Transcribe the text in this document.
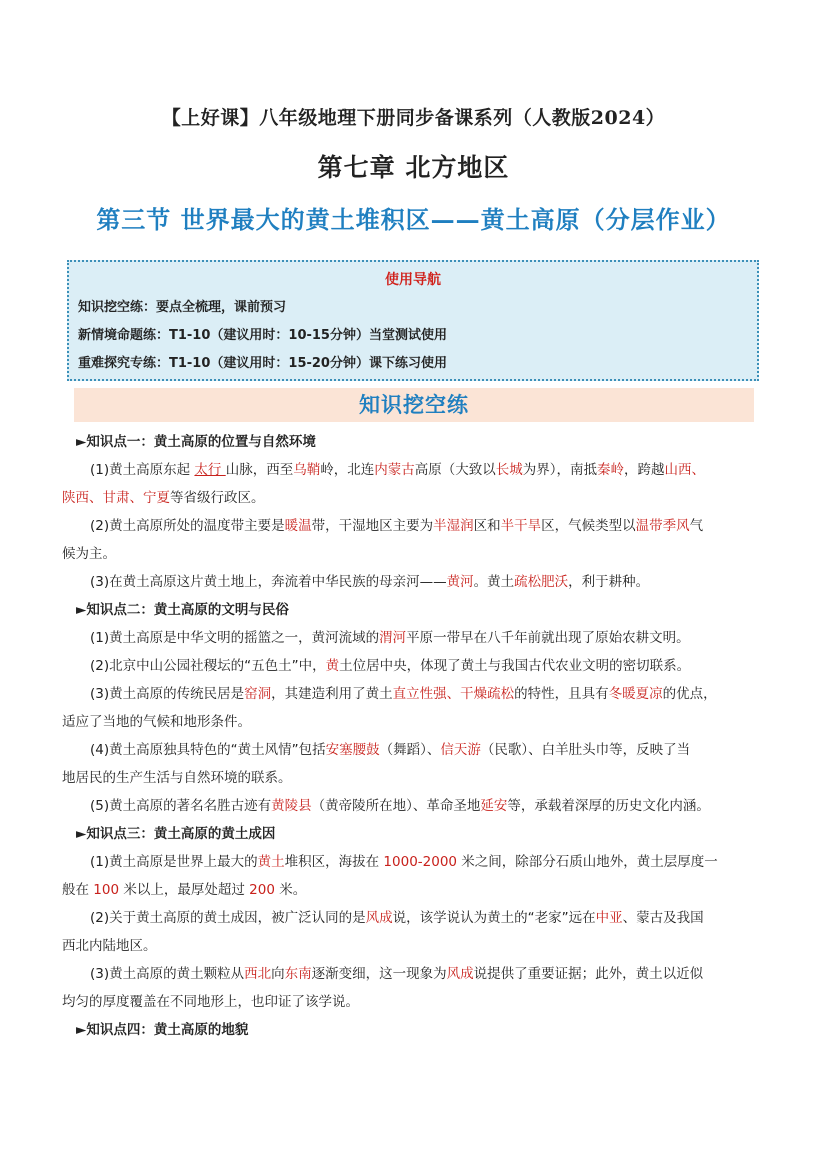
【上好课】八年级地理下册同步备课系列（人教版2024）
第七章 北方地区
第三节 世界最大的黄土堆积区——黄土高原（分层作业）
使用导航
知识挖空练：要点全梳理，课前预习
新情境命题练：T1-10（建议用时：10-15分钟）当堂测试使用
重难探究专练：T1-10（建议用时：15-20分钟）课下练习使用
知识挖空练
►知识点一：黄土高原的位置与自然环境
(1)黄土高原东起 太行 山脉，西至乌鞘岭，北连内蒙古高原（大致以长城为界），南抵秦岭，跨越山西、
陕西、甘肃、宁夏等省级行政区。
(2)黄土高原所处的温度带主要是暖温带，干湿地区主要为半湿润区和半干旱区，气候类型以温带季风气
候为主。
(3)在黄土高原这片黄土地上，奔流着中华民族的母亲河——黄河。黄土疏松肥沃，利于耕种。
►知识点二：黄土高原的文明与民俗
(1)黄土高原是中华文明的摇篮之一，黄河流域的渭河平原一带早在八千年前就出现了原始农耕文明。
(2)北京中山公园社稷坛的“五色土”中，黄土位居中央，体现了黄土与我国古代农业文明的密切联系。
(3)黄土高原的传统民居是窑洞，其建造利用了黄土直立性强、干燥疏松的特性，且具有冬暖夏凉的优点，
适应了当地的气候和地形条件。
(4)黄土高原独具特色的“黄土风情”包括安塞腰鼓（舞蹈）、信天游（民歌）、白羊肚头巾等，反映了当
地居民的生产生活与自然环境的联系。
(5)黄土高原的著名名胜古迹有黄陵县（黄帝陵所在地）、革命圣地延安等，承载着深厚的历史文化内涵。
►知识点三：黄土高原的黄土成因
(1)黄土高原是世界上最大的黄土堆积区，海拔在 1000-2000 米之间，除部分石质山地外，黄土层厚度一
般在 100 米以上，最厚处超过 200 米。
(2)关于黄土高原的黄土成因，被广泛认同的是风成说，该学说认为黄土的“老家”远在中亚、蒙古及我国
西北内陆地区。
(3)黄土高原的黄土颗粒从西北向东南逐渐变细，这一现象为风成说提供了重要证据；此外，黄土以近似
均匀的厚度覆盖在不同地形上，也印证了该学说。
►知识点四：黄土高原的地貌
